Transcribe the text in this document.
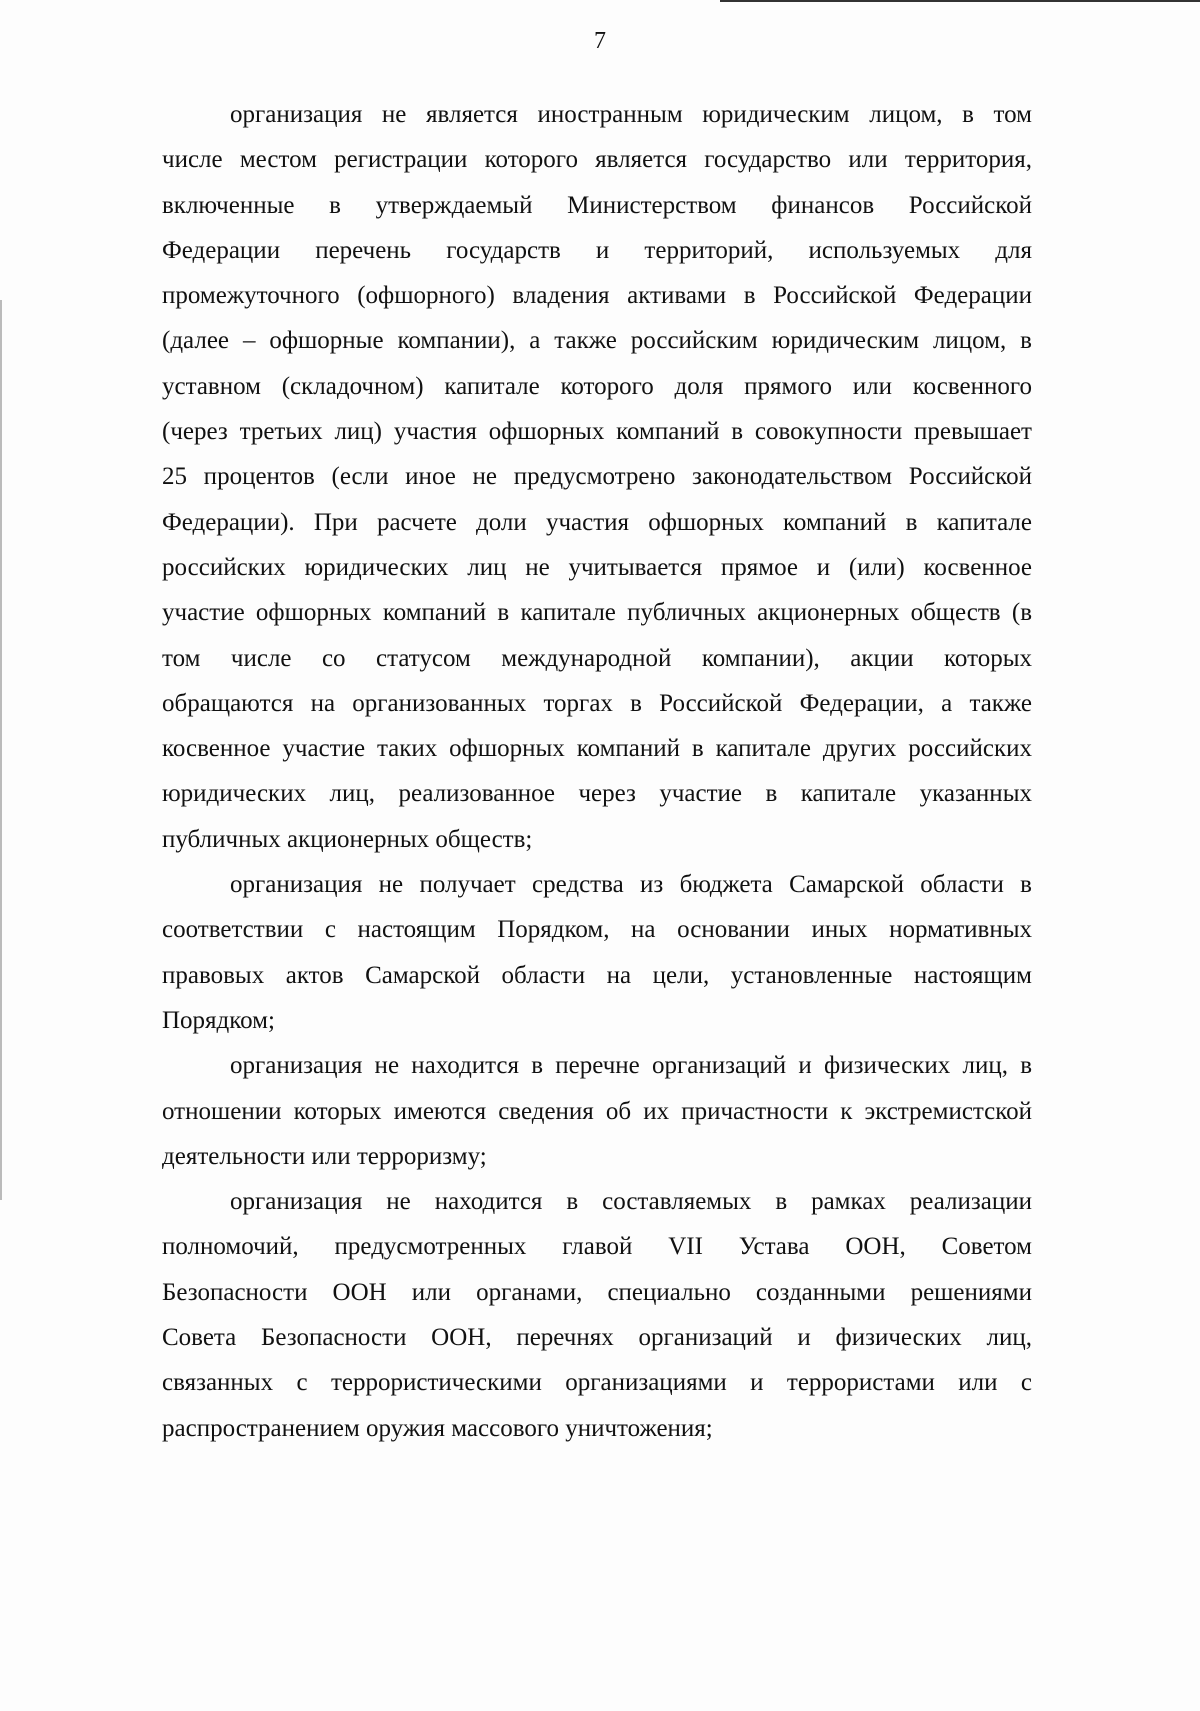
7
организация не является иностранным юридическим лицом, в том
числе местом регистрации которого является государство или территория,
включенные в утверждаемый Министерством финансов Российской
Федерации перечень государств и территорий, используемых для
промежуточного (офшорного) владения активами в Российской Федерации
(далее – офшорные компании), а также российским юридическим лицом, в
уставном (складочном) капитале которого доля прямого или косвенного
(через третьих лиц) участия офшорных компаний в совокупности превышает
25 процентов (если иное не предусмотрено законодательством Российской
Федерации). При расчете доли участия офшорных компаний в капитале
российских юридических лиц не учитывается прямое и (или) косвенное
участие офшорных компаний в капитале публичных акционерных обществ (в
том числе со статусом международной компании), акции которых
обращаются на организованных торгах в Российской Федерации, а также
косвенное участие таких офшорных компаний в капитале других российских
юридических лиц, реализованное через участие в капитале указанных
публичных акционерных обществ;
организация не получает средства из бюджета Самарской области в
соответствии с настоящим Порядком, на основании иных нормативных
правовых актов Самарской области на цели, установленные настоящим
Порядком;
организация не находится в перечне организаций и физических лиц, в
отношении которых имеются сведения об их причастности к экстремистской
деятельности или терроризму;
организация не находится в составляемых в рамках реализации
полномочий, предусмотренных главой VII Устава ООН, Советом
Безопасности ООН или органами, специально созданными решениями
Совета Безопасности ООН, перечнях организаций и физических лиц,
связанных с террористическими организациями и террористами или с
распространением оружия массового уничтожения;
